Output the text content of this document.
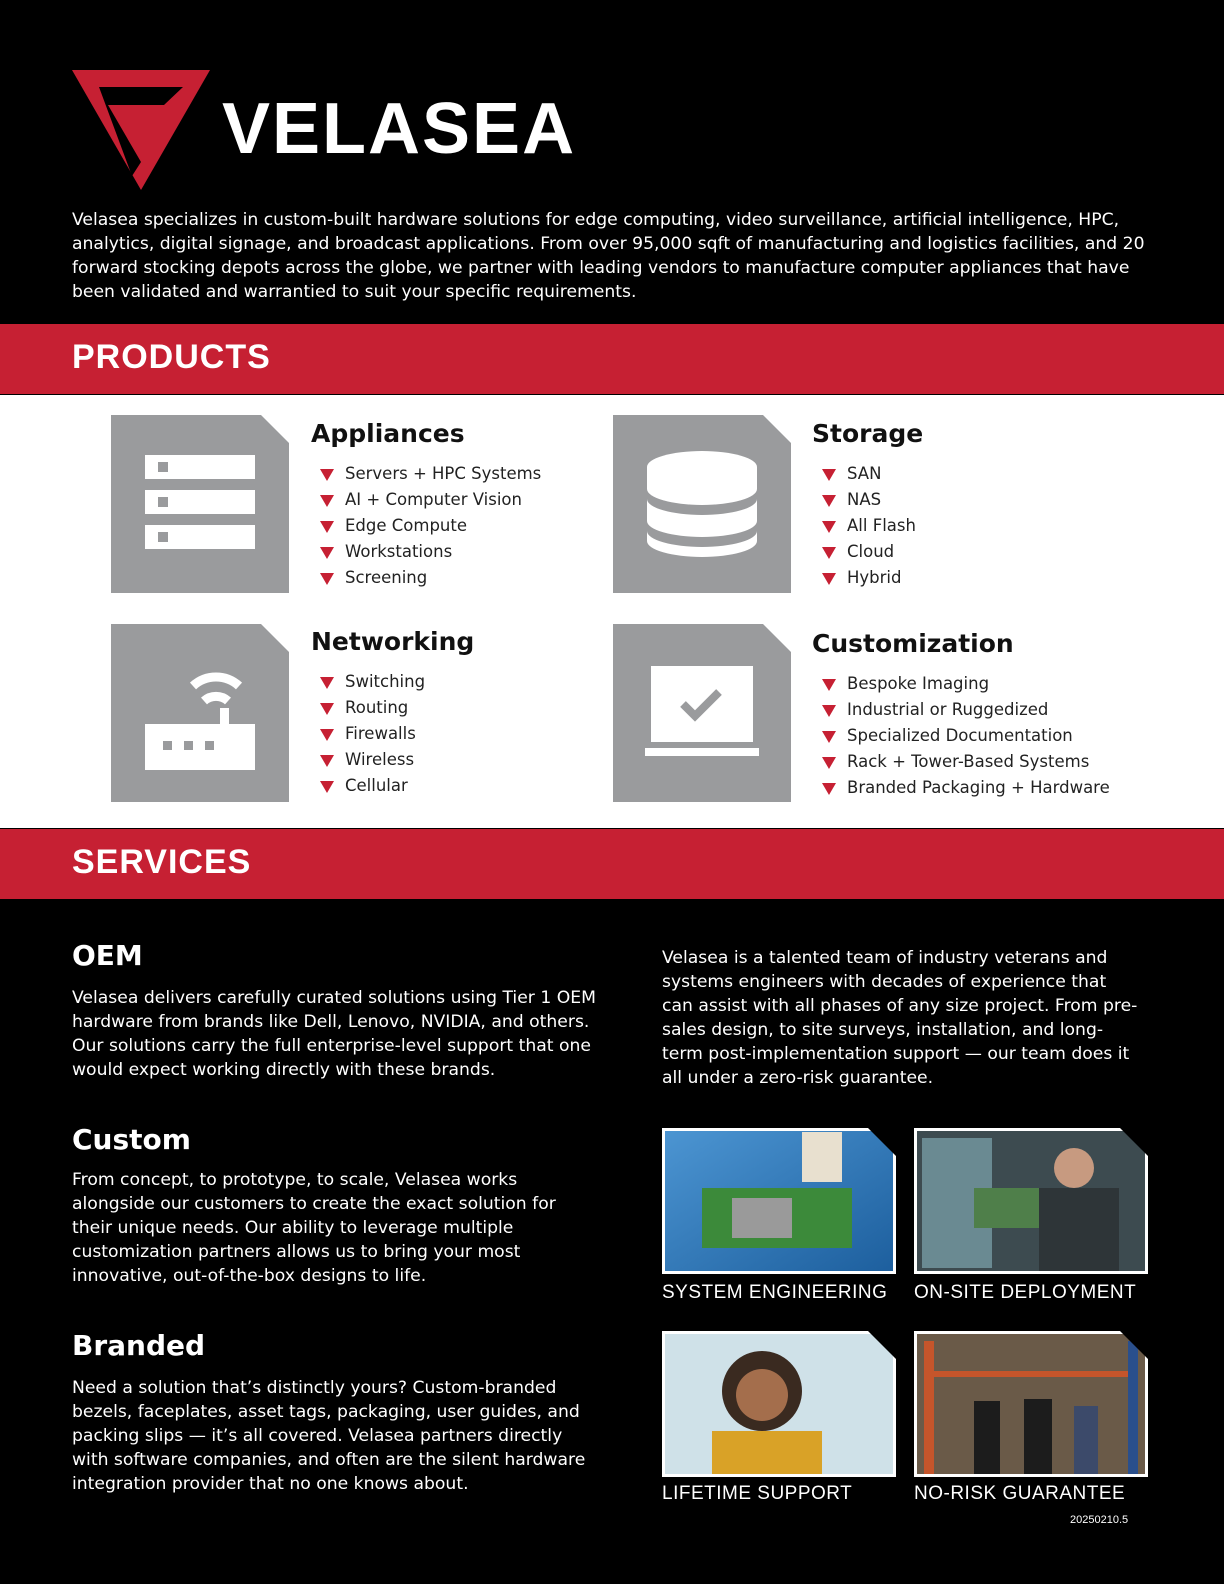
VELASEA

Velasea specializes in custom-built hardware solutions for edge computing, video surveillance, artificial intelligence, HPC, analytics, digital signage, and broadcast applications. From over 95,000 sqft of manufacturing and logistics facilities, and 20 forward stocking depots across the globe, we partner with leading vendors to manufacture computer appliances that have been validated and warrantied to suit your specific requirements.

PRODUCTS
Appliances
Servers + HPC Systems
AI + Computer Vision
Edge Compute
Workstations
Screening
Storage
SAN
NAS
All Flash
Cloud
Hybrid
Networking
Switching
Routing
Firewalls
Wireless
Cellular
Customization
Bespoke Imaging
Industrial or Ruggedized
Specialized Documentation
Rack + Tower-Based Systems
Branded Packaging + Hardware
SERVICES
OEM

Velasea delivers carefully curated solutions using Tier 1 OEM hardware from brands like Dell, Lenovo, NVIDIA, and others. Our solutions carry the full enterprise-level support that one would expect working directly with these brands.

Custom

From concept, to prototype, to scale, Velasea works alongside our customers to create the exact solution for their unique needs. Our ability to leverage multiple customization partners allows us to bring your most innovative, out-of-the-box designs to life.

Branded

Need a solution that’s distinctly yours? Custom-branded bezels, faceplates, asset tags, packaging, user guides, and packing slips — it’s all covered. Velasea partners directly with software companies, and often are the silent hardware integration provider that no one knows about.

Velasea is a talented team of industry veterans and systems engineers with decades of experience that can assist with all phases of any size project. From pre-sales design, to site surveys, installation, and long-term post-implementation support — our team does it all under a zero-risk guarantee.

SYSTEM ENGINEERING ON-SITE DEPLOYMENT
LIFETIME SUPPORT	NO-RISK GUARANTEE
20250210.5
